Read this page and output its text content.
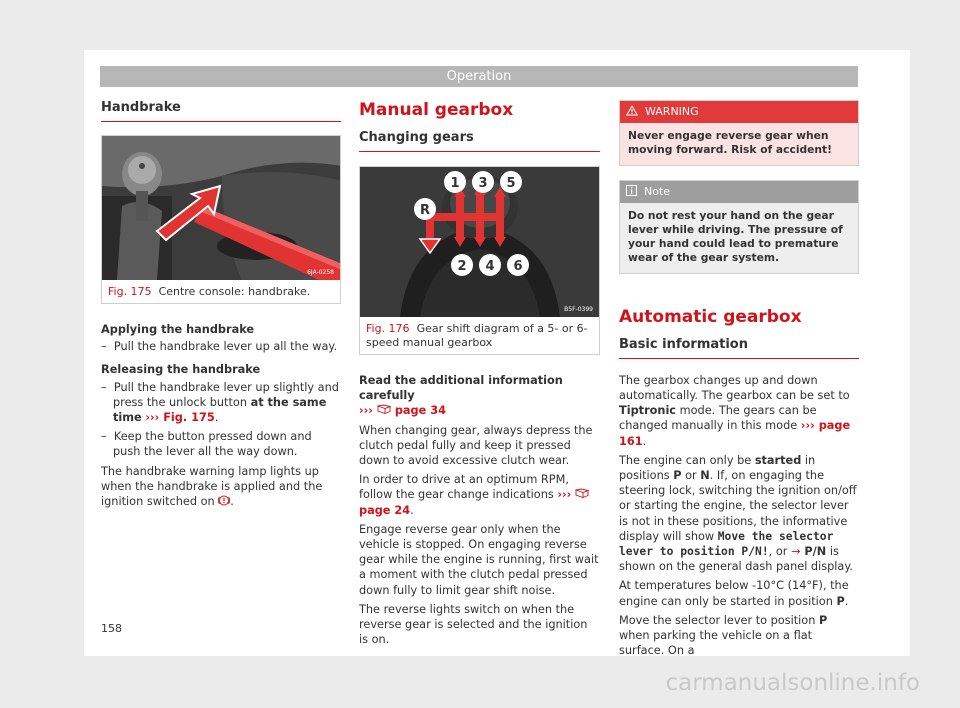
Operation
Handbrake
6JA-0258
Fig. 175 Centre console: handbrake.

Applying the handbrake

–  Pull the handbrake lever up all the way.

Releasing the handbrake

–  Pull the handbrake lever up slightly and press the unlock button at the same time ››› Fig. 175.

–  Keep the button pressed down and push the lever all the way down.

The handbrake warning lamp lights up when the handbrake is applied and the ignition switched on .

Manual gearbox
Changing gears
R
1 3 5
2 4 6
B5F-0399
Fig. 176 Gear shift diagram of a 5- or 6-speed manual gearbox

Read the additional information carefully

››› page 34

When changing gear, always depress the clutch pedal fully and keep it pressed down to avoid excessive clutch wear.

In order to drive at an optimum RPM, follow the gear change indications ›››  page 24.

Engage reverse gear only when the vehicle is stopped. On engaging reverse gear while the engine is running, first wait a moment with the clutch pedal pressed down fully to limit gear shift noise.

The reverse lights switch on when the reverse gear is selected and the ignition is on.

WARNING
Never engage reverse gear when moving forward. Risk of accident!
Note
Do not rest your hand on the gear lever while driving. The pressure of your hand could lead to premature wear of the gear system.
Automatic gearbox
Basic information

The gearbox changes up and down automatically. The gearbox can be set to Tiptronic mode. The gears can be changed manually in this mode ››› page 161.

The engine can only be started in positions P or N. If, on engaging the steering lock, switching the ignition on/off or starting the engine, the selector lever is not in these positions, the informative display will show Move the selector lever to position P/N!, or → P/N is shown on the general dash panel display.

At temperatures below -10°C (14°F), the engine can only be started in position P.

Move the selector lever to position P when parking the vehicle on a flat surface. On a

158
carmanualsonline.info
